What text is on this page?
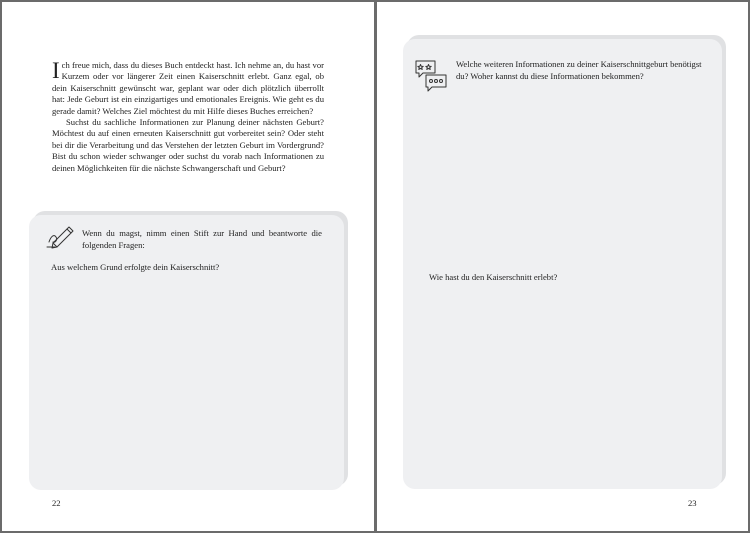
Ich freue mich, dass du dieses Buch entdeckt hast. Ich nehme an, du hast vor Kurzem oder vor längerer Zeit einen Kaiserschnitt erlebt. Ganz egal, ob dein Kaiserschnitt gewünscht war, geplant war oder dich plötzlich überrollt hat: Jede Geburt ist ein einzigartiges und emotionales Ereignis. Wie geht es du gerade damit? Welches Ziel möchtest du mit Hilfe dieses Buches erreichen?

Suchst du sachliche Informationen zur Planung deiner nächsten Geburt? Möchtest du auf einen erneuten Kaiserschnitt gut vorbereitet sein? Oder steht bei dir die Verarbeitung und das Verstehen der letzten Geburt im Vordergrund? Bist du schon wieder schwanger oder suchst du vorab nach Informationen zu deinen Möglichkeiten für die nächste Schwangerschaft und Geburt?

Wenn du magst, nimm einen Stift zur Hand und beantworte die folgenden Fragen:
Aus welchem Grund erfolgte dein Kaiserschnitt?
22
Welche weiteren Informationen zu deiner Kaiserschnittgeburt benötigst du? Woher kannst du diese Informationen bekommen?
Wie hast du den Kaiserschnitt erlebt?
23
